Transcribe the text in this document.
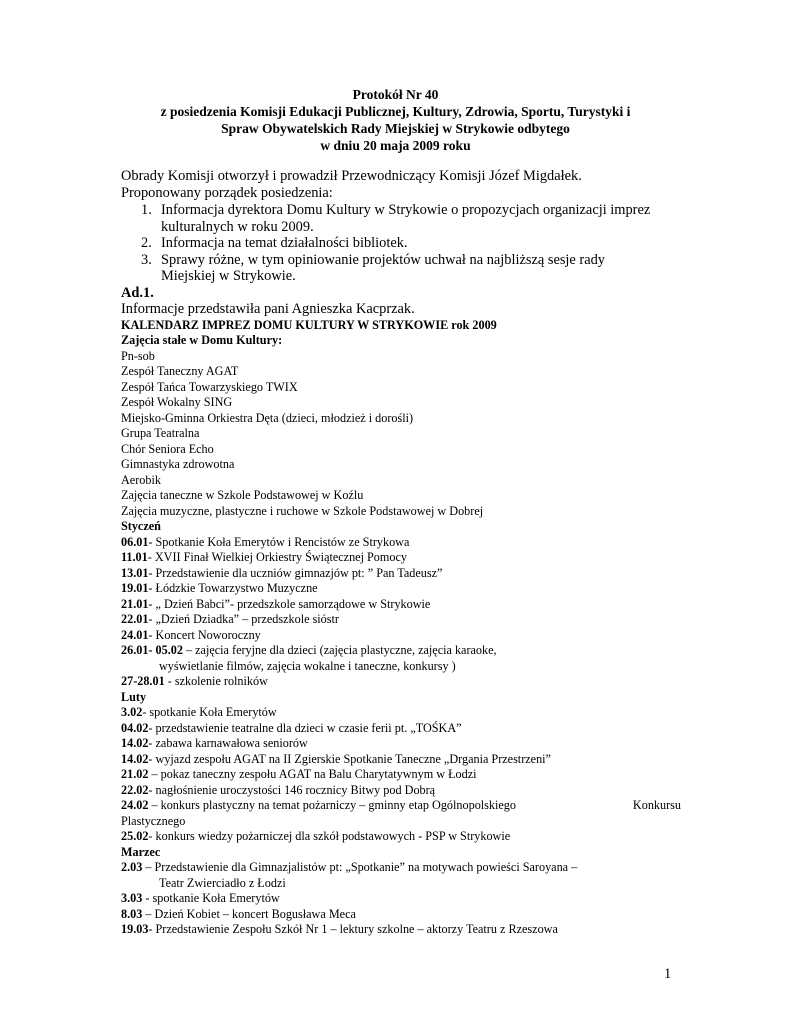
Protokół Nr 40
z posiedzenia Komisji Edukacji Publicznej, Kultury, Zdrowia, Sportu, Turystyki i
Spraw Obywatelskich Rady Miejskiej w Strykowie odbytego
w dniu 20 maja 2009 roku
Obrady Komisji otworzył i prowadził Przewodniczący Komisji Józef Migdałek.
Proponowany porządek posiedzenia:
1. Informacja dyrektora Domu Kultury w Strykowie o propozycjach organizacji imprez
kulturalnych w roku 2009.
2. Informacja na temat działalności bibliotek.
3. Sprawy różne, w tym opiniowanie projektów uchwał na najbliższą sesje rady
Miejskiej w Strykowie.
Ad.1.
Informacje przedstawiła pani Agnieszka Kacprzak.
KALENDARZ IMPREZ DOMU KULTURY W STRYKOWIE rok 2009
Zajęcia stałe w Domu Kultury:
Pn-sob
Zespół Taneczny AGAT
Zespół Tańca Towarzyskiego TWIX
Zespół Wokalny SING
Miejsko-Gminna Orkiestra Dęta (dzieci, młodzież i dorośli)
Grupa Teatralna
Chór Seniora Echo
Gimnastyka zdrowotna
Aerobik
Zajęcia taneczne w Szkole Podstawowej w Koźlu
Zajęcia muzyczne, plastyczne i ruchowe w Szkole Podstawowej w Dobrej
Styczeń
06.01- Spotkanie Koła Emerytów i Rencistów ze Strykowa
11.01- XVII Finał Wielkiej Orkiestry Świątecznej Pomocy
13.01- Przedstawienie dla uczniów gimnazjów pt: ” Pan Tadeusz”
19.01- Łódzkie Towarzystwo Muzyczne
21.01- „ Dzień Babci”- przedszkole samorządowe w Strykowie
22.01- „Dzień Dziadka” – przedszkole sióstr
24.01- Koncert Noworoczny
26.01- 05.02 – zajęcia feryjne dla dzieci (zajęcia plastyczne, zajęcia karaoke,
wyświetlanie filmów, zajęcia wokalne i taneczne, konkursy )
27-28.01 - szkolenie rolników
Luty
3.02- spotkanie Koła Emerytów
04.02- przedstawienie teatralne dla dzieci w czasie ferii pt. „TOŚKA”
14.02- zabawa karnawałowa seniorów
14.02- wyjazd zespołu AGAT na II Zgierskie Spotkanie Taneczne „Drgania Przestrzeni”
21.02 – pokaz taneczny zespołu AGAT na Balu Charytatywnym w Łodzi
22.02- nagłośnienie uroczystości 146 rocznicy Bitwy pod Dobrą
24.02 – konkurs plastyczny na temat pożarniczy – gminny etap Ogólnopolskiego	Konkursu
Plastycznego
25.02- konkurs wiedzy pożarniczej dla szkół podstawowych - PSP w Strykowie
Marzec
2.03 – Przedstawienie dla Gimnazjalistów pt: „Spotkanie” na motywach powieści Saroyana –
Teatr Zwierciadło z Łodzi
3.03 - spotkanie Koła Emerytów
8.03 – Dzień Kobiet – koncert Bogusława Meca
19.03- Przedstawienie Zespołu Szkół Nr 1 – lektury szkolne – aktorzy Teatru z Rzeszowa
1
